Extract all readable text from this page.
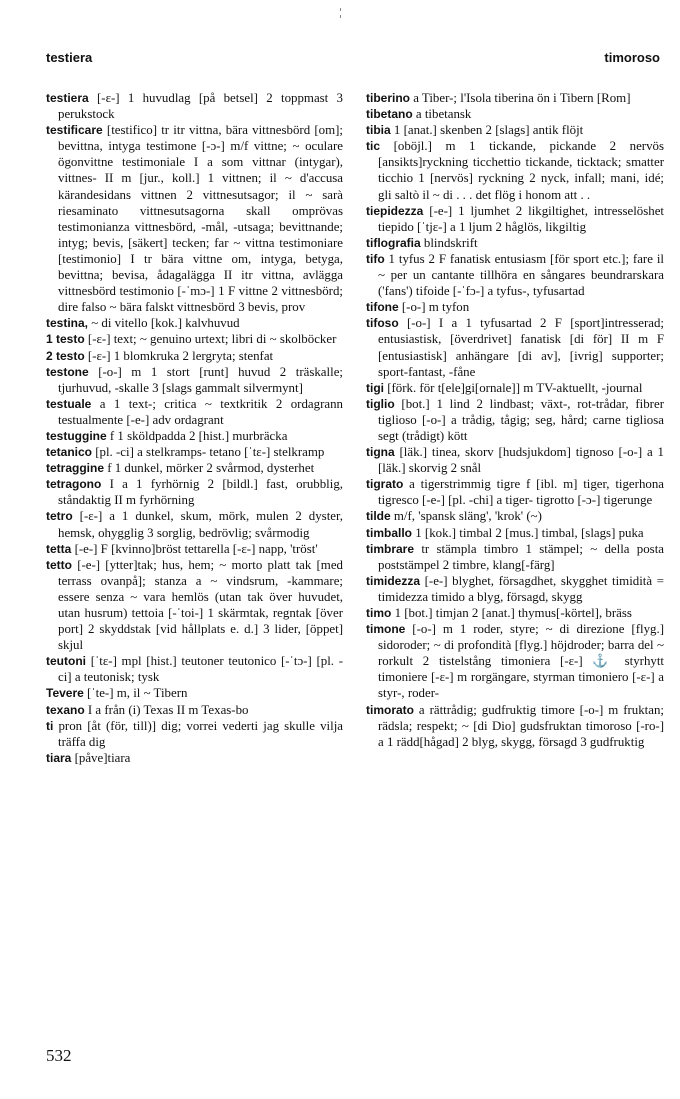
testiera	timoroso

testiera [-ɛ-] 1 huvudlag [på betsel] 2 toppmast 3 perukstock

testificare [testifico] tr itr vittna, bära vittnesbörd [om]; bevittna, intyga testimone [-ɔ-] m/f vittne; ~ oculare ögonvittne testimoniale I a som vittnar (intygar), vittnes- II m [jur., koll.] 1 vittnen; il ~ d'accusa kärandesidans vittnen 2 vittnesutsagor; il ~ sarà riesaminato vittnesutsagorna skall omprövas testimonianza vittnesbörd, -mål, -utsaga; bevittnande; intyg; bevis, [säkert] tecken; far ~ vittna testimoniare [testimonio] I tr bära vittne om, intyga, betyga, bevittna; bevisa, ådagalägga II itr vittna, avlägga vittnesbörd testimonio [-ˈmɔ-] 1 F vittne 2 vittnesbörd; dire falso ~ bära falskt vittnesbörd 3 bevis, prov

testina, ~ di vitello [kok.] kalvhuvud

1 testo [-ɛ-] text; ~ genuino urtext; libri di ~ skolböcker

2 testo [-ɛ-] 1 blomkruka 2 lergryta; stenfat

testone [-o-] m 1 stort [runt] huvud 2 träskalle; tjurhuvud, -skalle 3 [slags gammalt silvermynt]

testuale a 1 text-; critica ~ textkritik 2 ordagrann testualmente [-e-] adv ordagrant

testuggine f 1 sköldpadda 2 [hist.] murbräcka

tetanico [pl. -ci] a stelkramps- tetano [ˈtɛ-] stelkramp

tetraggine f 1 dunkel, mörker 2 svårmod, dysterhet

tetragono I a 1 fyrhörnig 2 [bildl.] fast, orubblig, ståndaktig II m fyrhörning

tetro [-ɛ-] a 1 dunkel, skum, mörk, mulen 2 dyster, hemsk, ohygglig 3 sorglig, bedrövlig; svårmodig

tetta [-e-] F [kvinno]bröst tettarella [-ɛ-] napp, 'tröst'

tetto [-e-] [ytter]tak; hus, hem; ~ morto platt tak [med terrass ovanpå]; stanza a ~ vindsrum, -kammare; essere senza ~ vara hemlös (utan tak över huvudet, utan husrum) tettoia [-ˈtoi-] 1 skärmtak, regntak [över port] 2 skyddstak [vid hållplats e. d.] 3 lider, [öppet] skjul

teutoni [ˈtɛ-] mpl [hist.] teutoner teutonico [-ˈtɔ-] [pl. -ci] a teutonisk; tysk

Tevere [ˈte-] m, il ~ Tibern

texano I a från (i) Texas II m Texas-bo

ti pron [åt (för, till)] dig; vorrei vederti jag skulle vilja träffa dig

tiara [påve]tiara

tiberino a Tiber-; l'Isola tiberina ön i Tibern [Rom]

tibetano a tibetansk

tibia 1 [anat.] skenben 2 [slags] antik flöjt

tic [oböjl.] m 1 tickande, pickande 2 nervös [ansikts]ryckning ticchettio tickande, ticktack; smatter ticchio 1 [nervös] ryckning 2 nyck, infall; mani, idé; gli saltò il ~ di . . . det flög i honom att . .

tiepidezza [-e-] 1 ljumhet 2 likgiltighet, intresselöshet tiepido [ˈtjɛ-] a 1 ljum 2 håglös, likgiltig

tiflografia blindskrift

tifo 1 tyfus 2 F fanatisk entusiasm [för sport etc.]; fare il ~ per un cantante tillhöra en sångares beundrarskara ('fans') tifoide [-ˈfɔ-] a tyfus-, tyfusartad

tifone [-o-] m tyfon

tifoso [-o-] I a 1 tyfusartad 2 F [sport]intresserad; entusiastisk, [överdrivet] fanatisk [di för] II m F [entusiastisk] anhängare [di av], [ivrig] supporter; sport-fantast, -fåne

tigi [förk. för t[ele]gi[ornale]] m TV-aktuellt, -journal

tiglio [bot.] 1 lind 2 lindbast; växt-, rot-trådar, fibrer tiglioso [-o-] a trådig, tågig; seg, hård; carne tigliosa segt (trådigt) kött

tigna [läk.] tinea, skorv [hudsjukdom] tignoso [-o-] a 1 [läk.] skorvig 2 snål

tigrato a tigerstrimmig tigre f [ibl. m] tiger, tigerhona tigresco [-e-] [pl. -chi] a tiger- tigrotto [-ɔ-] tigerunge

tilde m/f, 'spansk släng', 'krok' (~)

timballo 1 [kok.] timbal 2 [mus.] timbal, [slags] puka

timbrare tr stämpla timbro 1 stämpel; ~ della posta poststämpel 2 timbre, klang[-färg]

timidezza [-e-] blyghet, försagdhet, skygghet timidità = timidezza timido a blyg, försagd, skygg

timo 1 [bot.] timjan 2 [anat.] thymus[-körtel], bräss

timone [-o-] m 1 roder, styre; ~ di direzione [flyg.] sidoroder; ~ di profondità [flyg.] höjdroder; barra del ~ rorkult 2 tistelstång timoniera [-ɛ-] ⚓ styrhytt timoniere [-ɛ-] m rorgängare, styrman timoniero [-ɛ-] a styr-, roder-

timorato a rättrådig; gudfruktig timore [-o-] m fruktan; rädsla; respekt; ~ [di Dio] gudsfruktan timoroso [-ro-] a 1 rädd[hågad] 2 blyg, skygg, försagd 3 gudfruktig

532
